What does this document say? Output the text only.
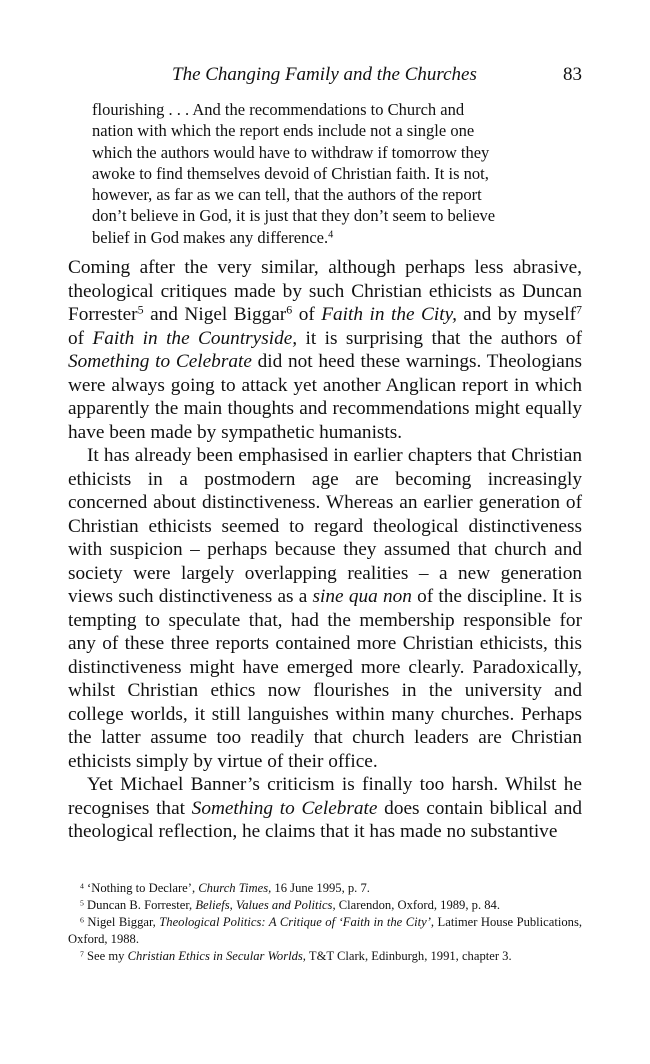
The Changing Family and the Churches	83
flourishing . . . And the recommendations to Church and
nation with which the report ends include not a single one
which the authors would have to withdraw if tomorrow they
awoke to find themselves devoid of Christian faith. It is not,
however, as far as we can tell, that the authors of the report
don’t believe in God, it is just that they don’t seem to believe
belief in God makes any difference.$^4$

Coming after the very similar, although perhaps less abrasive, theological critiques made by such Christian ethicists as Duncan Forrester$^5$ and Nigel Biggar$^6$ of Faith in the City, and by myself$^7$ of Faith in the Countryside, it is surprising that the authors of Something to Celebrate did not heed these warnings. Theologians were always going to attack yet another Anglican report in which apparently the main thoughts and recommendations might equally have been made by sympathetic humanists.

It has already been emphasised in earlier chapters that Christian ethicists in a postmodern age are becoming increasingly concerned about distinctiveness. Whereas an earlier generation of Christian ethicists seemed to regard theological distinctiveness with suspicion – perhaps because they assumed that church and society were largely overlapping realities – a new generation views such distinctiveness as a sine qua non of the discipline. It is tempting to speculate that, had the membership responsible for any of these three reports contained more Christian ethicists, this distinctiveness might have emerged more clearly. Paradoxically, whilst Christian ethics now flourishes in the university and college worlds, it still languishes within many churches. Perhaps the latter assume too readily that church leaders are Christian ethicists simply by virtue of their office.

Yet Michael Banner’s criticism is finally too harsh. Whilst he recognises that Something to Celebrate does contain biblical and theological reflection, he claims that it has made no substantive

$^4$ ‘Nothing to Declare’, Church Times, 16 June 1995, p. 7.

$^5$ Duncan B. Forrester, Beliefs, Values and Politics, Clarendon, Oxford, 1989, p. 84.

$^6$ Nigel Biggar, Theological Politics: A Critique of ‘Faith in the City’, Latimer House Publications, Oxford, 1988.

$^7$ See my Christian Ethics in Secular Worlds, T&T Clark, Edinburgh, 1991, chapter 3.
